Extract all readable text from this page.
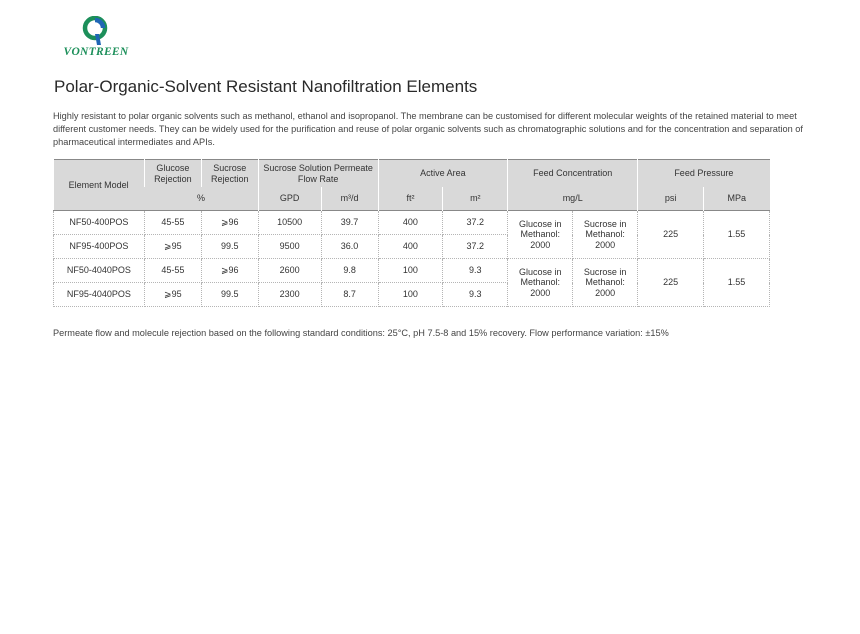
VONTREEN
Polar-Organic-Solvent Resistant Nanofiltration Elements

Highly resistant to polar organic solvents such as methanol, ethanol and isopropanol. The membrane can be customised for different molecular weights of the retained material to meet different customer needs. They can be widely used for the purification and reuse of polar organic solvents such as chromatographic solutions and for the concentration and separation of pharmaceutical intermediates and APIs.

Element Model	Glucose Rejection	Sucrose Rejection	Sucrose Solution Permeate Flow Rate		Active Area		Feed Concentration		Feed Pressure	
	%		GPD	m³/d	ft²	m²	mg/L		psi	MPa
NF50-400POS	45-55	⩾96	10500	39.7	400	37.2	Glucose in Methanol: 2000	Sucrose in Methanol: 2000	225	1.55
NF95-400POS	⩾95	99.5	9500	36.0	400	37.2				
NF50-4040POS	45-55	⩾96	2600	9.8	100	9.3	Glucose in Methanol: 2000	Sucrose in Methanol: 2000	225	1.55
NF95-4040POS	⩾95	99.5	2300	8.7	100	9.3				

Permeate flow and molecule rejection based on the following standard conditions: 25°C, pH 7.5-8 and 15% recovery. Flow performance variation: ±15%
